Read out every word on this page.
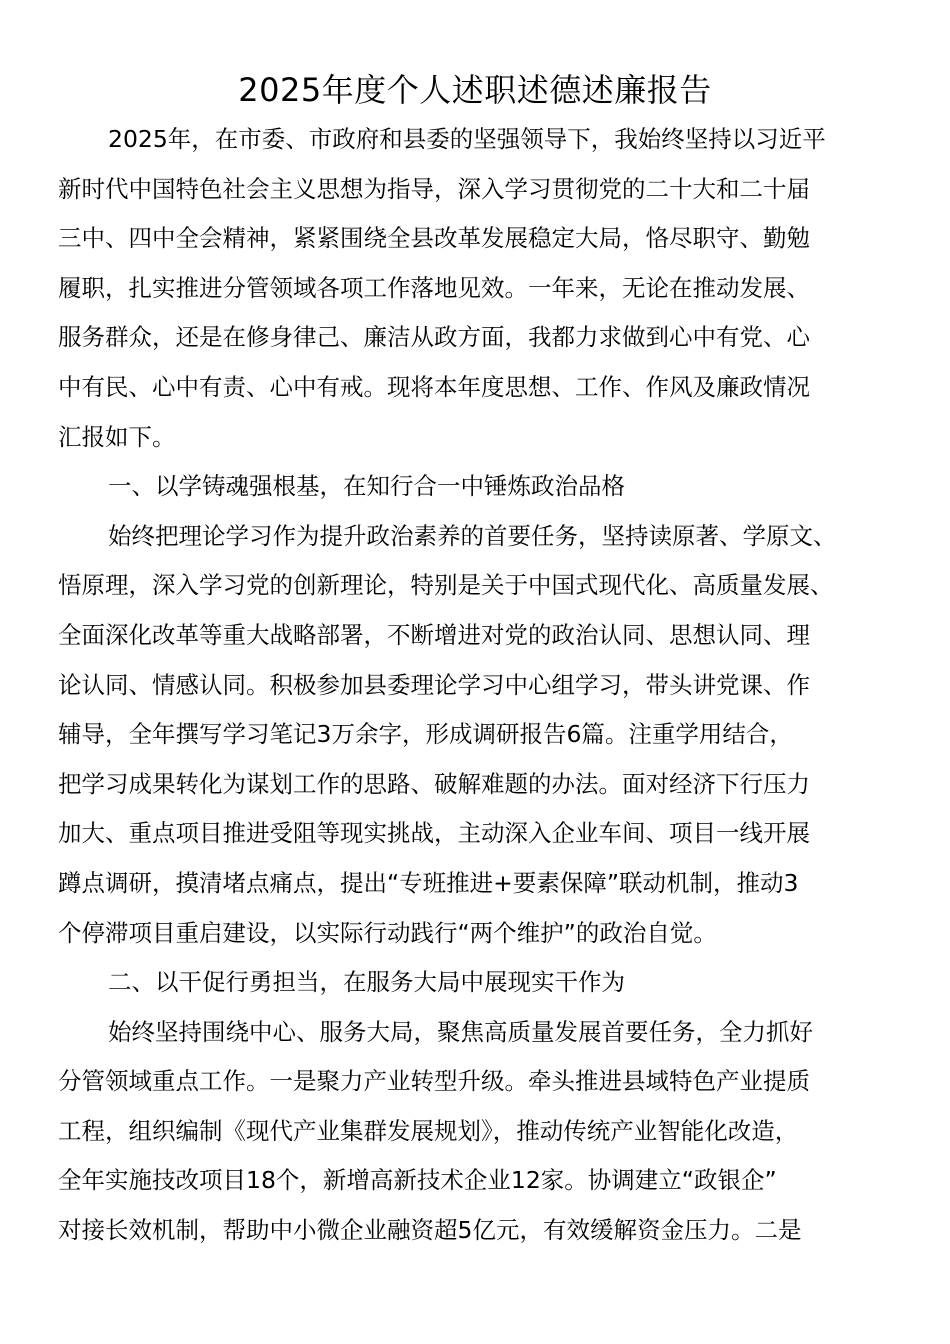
2025年度个人述职述德述廉报告
2025年，在市委、市政府和县委的坚强领导下，我始终坚持以习近平
新时代中国特色社会主义思想为指导，深入学习贯彻党的二十大和二十届
三中、四中全会精神，紧紧围绕全县改革发展稳定大局，恪尽职守、勤勉
履职，扎实推进分管领域各项工作落地见效。一年来，无论在推动发展、
服务群众，还是在修身律己、廉洁从政方面，我都力求做到心中有党、心
中有民、心中有责、心中有戒。现将本年度思想、工作、作风及廉政情况
汇报如下。
一、以学铸魂强根基，在知行合一中锤炼政治品格
始终把理论学习作为提升政治素养的首要任务，坚持读原著、学原文、
悟原理，深入学习党的创新理论，特别是关于中国式现代化、高质量发展、
全面深化改革等重大战略部署，不断增进对党的政治认同、思想认同、理
论认同、情感认同。积极参加县委理论学习中心组学习，带头讲党课、作
辅导，全年撰写学习笔记3万余字，形成调研报告6篇。注重学用结合，
把学习成果转化为谋划工作的思路、破解难题的办法。面对经济下行压力
加大、重点项目推进受阻等现实挑战，主动深入企业车间、项目一线开展
蹲点调研，摸清堵点痛点，提出“专班推进+要素保障”联动机制，推动3
个停滞项目重启建设，以实际行动践行“两个维护”的政治自觉。
二、以干促行勇担当，在服务大局中展现实干作为
始终坚持围绕中心、服务大局，聚焦高质量发展首要任务，全力抓好
分管领域重点工作。一是聚力产业转型升级。牵头推进县域特色产业提质
工程，组织编制《现代产业集群发展规划》，推动传统产业智能化改造，
全年实施技改项目18个，新增高新技术企业12家。协调建立“政银企”
对接长效机制，帮助中小微企业融资超5亿元，有效缓解资金压力。二是
